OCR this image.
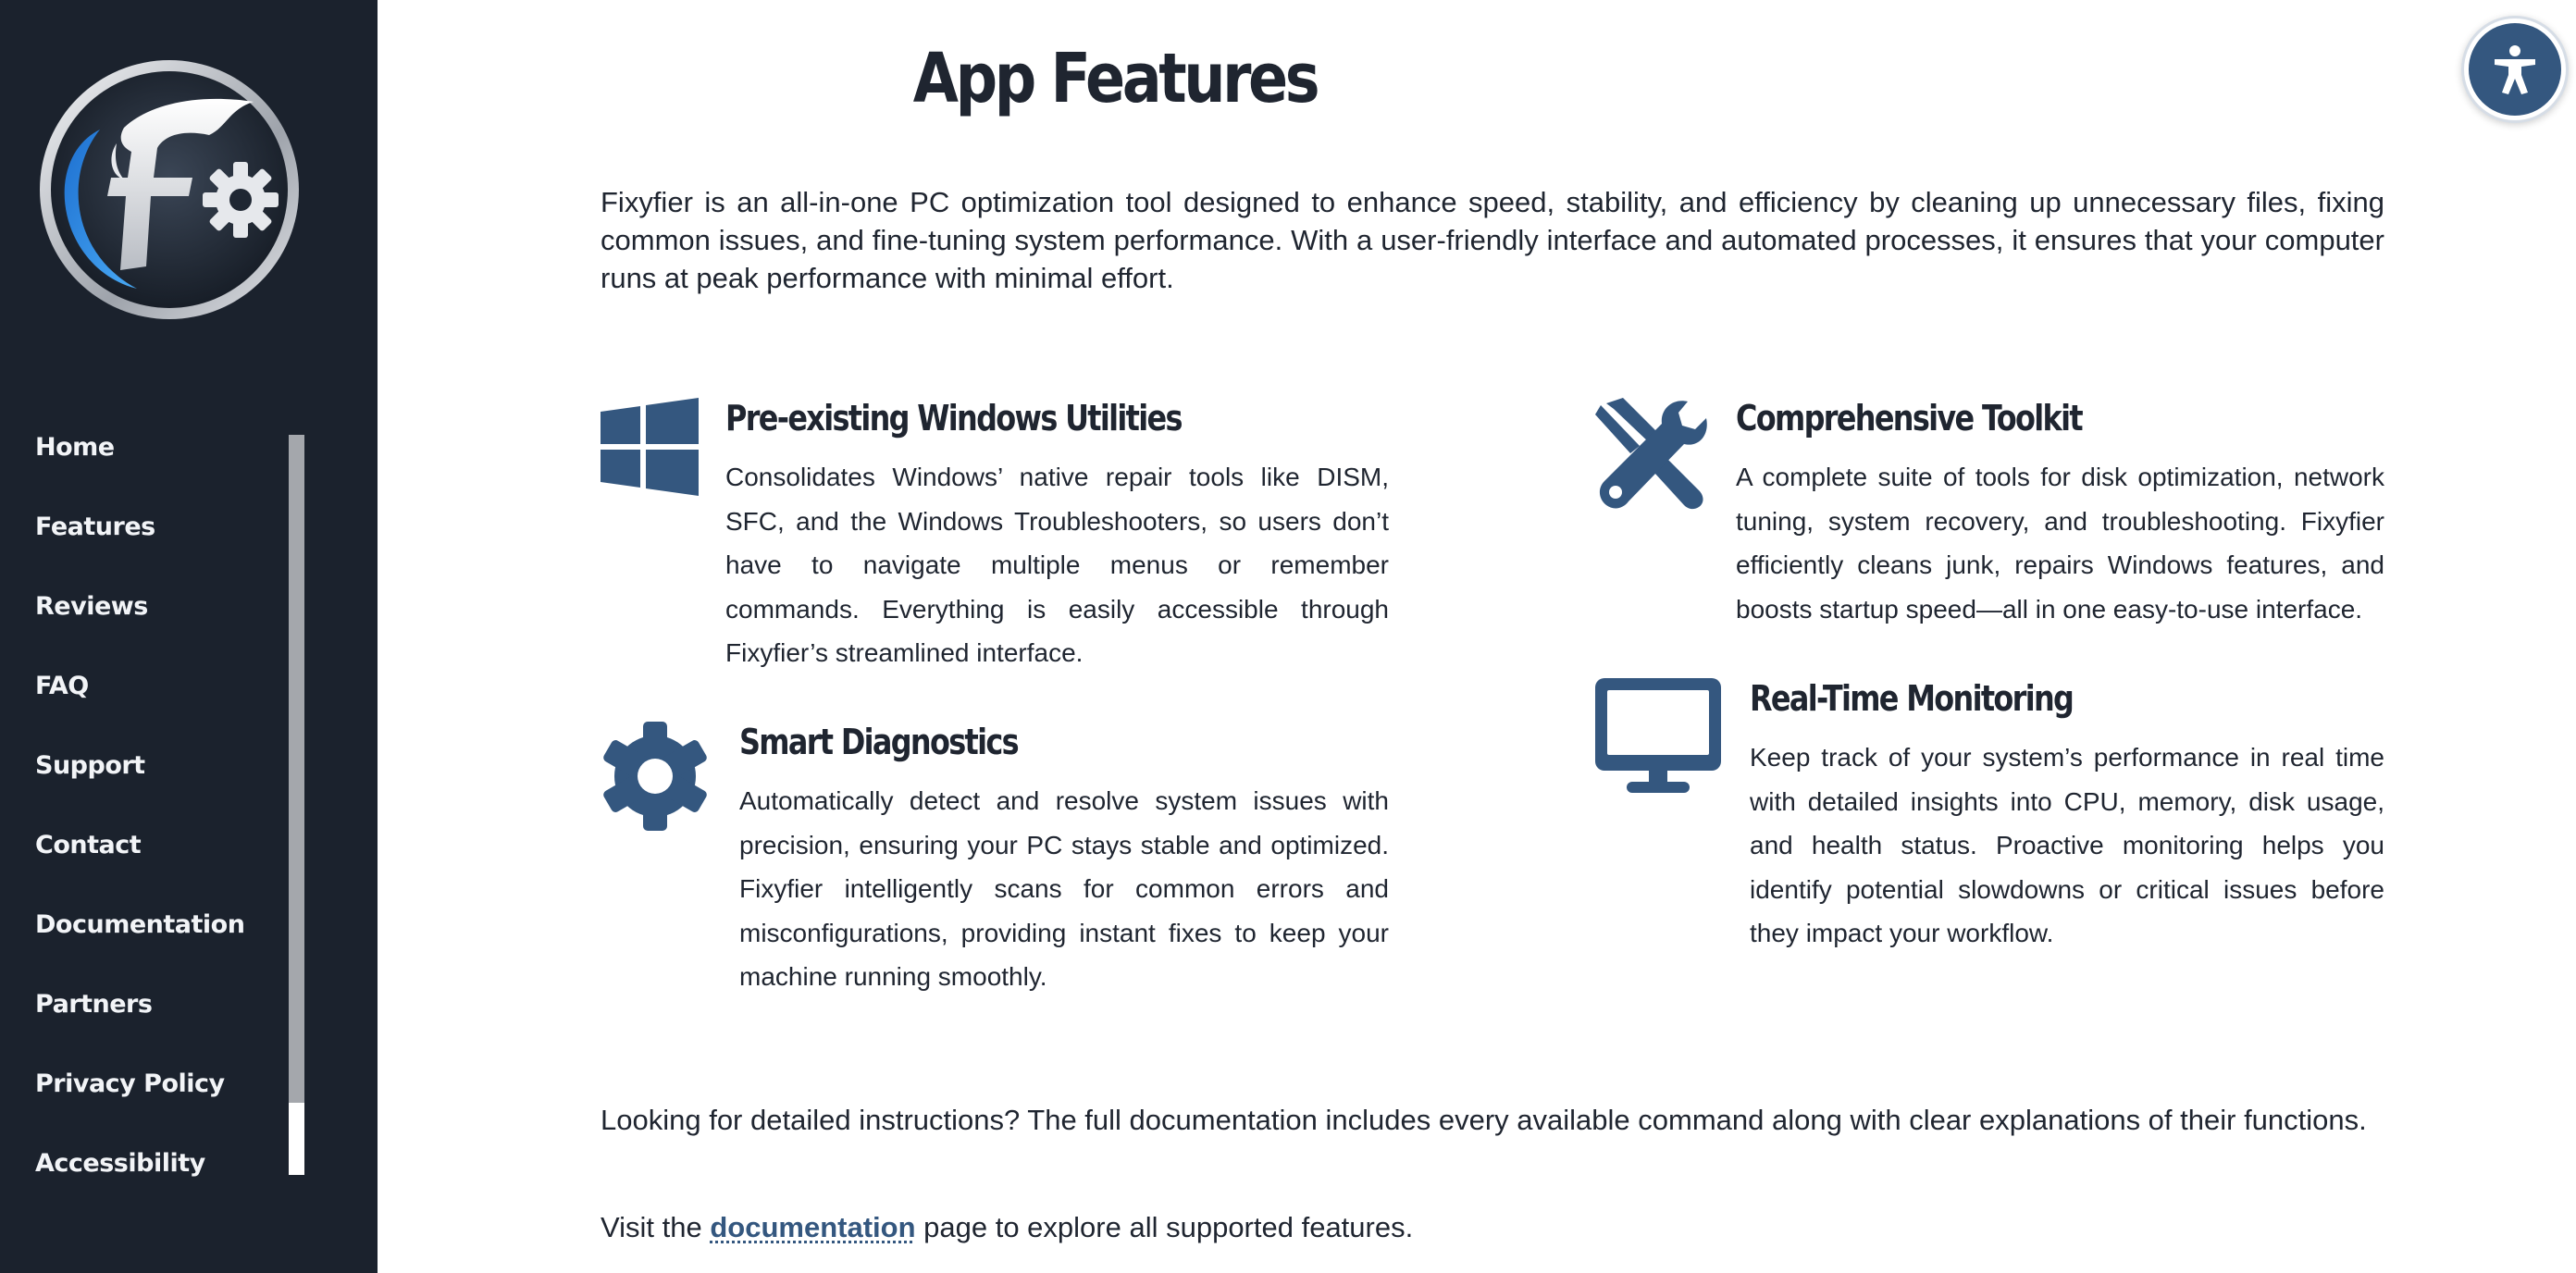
Home
Features
Reviews
FAQ
Support
Contact
Documentation
Partners
Privacy Policy
Accessibility
App Features

Fixyfier is an all-in-one PC optimization tool designed to enhance speed, stability, and efficiency by cleaning up unnecessary files, fixing common issues, and fine-tuning system performance. With a user-friendly interface and automated processes, it ensures that your computer runs at peak performance with minimal effort.

Pre-existing Windows Utilities

Consolidates Windows’ native repair tools like DISM, SFC, and the Windows Troubleshooters, so users don’t have to navigate multiple menus or remember commands. Everything is easily accessible through Fixyfier’s streamlined interface.

Comprehensive Toolkit

A complete suite of tools for disk optimization, network tuning, system recovery, and troubleshooting. Fixyfier efficiently cleans junk, repairs Windows features, and boosts startup speed—all in one easy-to-use interface.

Smart Diagnostics

Automatically detect and resolve system issues with precision, ensuring your PC stays stable and optimized. Fixyfier intelligently scans for common errors and misconfigurations, providing instant fixes to keep your machine running smoothly.

Real-Time Monitoring

Keep track of your system’s performance in real time with detailed insights into CPU, memory, disk usage, and health status. Proactive monitoring helps you identify potential slowdowns or critical issues before they impact your workflow.

Looking for detailed instructions? The full documentation includes every available command along with clear explanations of their functions.

Visit the documentation page to explore all supported features.
